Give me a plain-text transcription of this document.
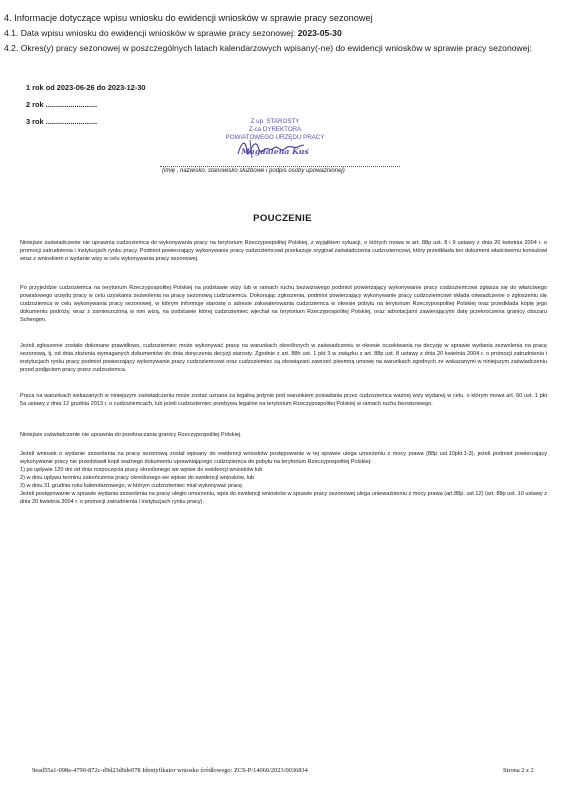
4. Informacje dotyczące wpisu wniosku do ewidencji wniosków w sprawie pracy sezonowej
4.1. Data wpisu wniosku do ewidencji wniosków w sprawie pracy sezonowej: 2023-05-30
4.2. Okres(y) pracy sezonowej w poszczególnych latach kalendarzowych wpisany(-ne) do ewidencji wniosków w sprawie pracy sezonowej:
1 rok od 2023-06-26 do 2023-12-30
2 rok .........................
3 rok .........................	Z up. STAROSTY
Z-ca DYREKTORA
POWIATOWEGO URZĘDU PRACY
Magdalena Kuś
(imię , nazwisko, stanowisko służbowe i podpis osoby upoważnionej)
POUCZENIE

Niniejsze zaświadczenie nie uprawnia cudzoziemca do wykonywania pracy na terytorium Rzeczypospolitej Polskiej, z wyjątkiem sytuacji, o których mowa w art. 88p ust. 8 i 9 ustawy z dnia 20 kwietnia 2004 r. o promocji zatrudnienia i instytucjach rynku pracy. Podmiot powierzający wykonywanie pracy cudzoziemcowi przekazuje oryginał zaświadczenia cudzoziemcowi, który przedkłada ten dokument właściwemu konsulowi wraz z wnioskiem o wydanie wizy w celu wykonywania pracy sezonowej.

Po przyjeździe cudzoziemca na terytorium Rzeczypospolitej Polskiej na podstawie wizy lub w ramach ruchu bezwizowego podmiot powierzający wykonywanie pracy cudzoziemcowi zgłasza się do właściwego powiatowego urzędu pracy w celu uzyskania zezwolenia na pracę sezonową cudzoziemca. Dokonując zgłoszenia, podmiot powierzający wykonywanie pracy cudzoziemcowi składa oświadczenie o zgłoszeniu się cudzoziemca w celu wykonywania pracy sezonowej, w którym informuje starostę o adresie zakwaterowania cudzoziemca w okresie pobytu na terytorium Rzeczypospolitej Polskiej oraz przedkłada kopię jego dokumentu podróży, wraz z zamieszczoną w nim wizą, na podstawie której cudzoziemiec wjechał na terytorium Rzeczypospolitej Polskiej, oraz adnotacjami zawierającymi datę przekroczenia granicy obszaru Schengen.

Jeżeli zgłoszenie zostało dokonane prawidłowo, cudzoziemiec może wykonywać pracę na warunkach określonych w zaświadczeniu w okresie oczekiwania na decyzję w sprawie wydania zezwolenia na pracę sezonową, tj. od dnia złożenia wymaganych dokumentów do dnia doręczenia decyzji starosty. Zgodnie z art. 88h ust. 1 pkt 3 w związku z art. 88p ust. 8 ustawy z dnia 20 kwietnia 2004 r. o promocji zatrudnienia i instytucjach rynku pracy podmiot powierzający wykonywanie pracy cudzoziemcowi oraz cudzoziemiec są obowiązani zawrzeć pisemną umowę na warunkach zgodnych ze wskazanymi w niniejszym zaświadczeniu przed podjęciem pracy przez cudzoziemca.

Praca na warunkach wskazanych w niniejszym zaświadczeniu może zostać uznana za legalną jedynie pod warunkiem posiadania przez cudzoziemca ważnej wizy wydanej w celu, o którym mowa art. 60 ust. 1 pkt 5a ustawy z dnia 12 grudnia 2013 r. o cudzoziemcach, lub jeżeli cudzoziemiec przebywa legalnie na terytorium Rzeczypospolitej Polskiej w ramach ruchu bezwizowego.

Niniejsze zaświadczenie nie uprawnia do przekraczania granicy Rzeczypospolitej Polskiej.

Jeżeli wniosek o wydanie zezwolenia na pracę sezonową został wpisany do ewidencji wniosków postępowanie w tej sprawie ulega umorzeniu z mocy prawa (88p ust.10pkt.1-3), jeżeli podmiot powierzający wykonywanie pracy nie przedstawił kopii ważnego dokumentu uprawniającego cudzoziemca do pobytu na terytorium Rzeczypospolitej Polskiej:
1) po upływie 120 dni od dnia rozpoczęcia pracy określonego we wpisie do ewidencji wniosków lub
2) w dniu upływu terminu zakończenia pracy określonego we wpisie do ewidencji wniosków, lub
3) w dniu 31 grudnia roku kalendarzowego, w którym cudzoziemiec miał wykonywać pracę.
Jeżeli postępowanie w sprawie wydania zezwolenia na pracę uległo umorzeniu, wpis do ewidencji wniosków w sprawie pracy sezonowej ulega unieważnieniu z mocy prawa (art.88p. ust.12) (art. 88p ust. 10 ustawy z dnia 20 kwietnia 2004 r. o promocji zatrudnienia i instytucjach rynku pracy).
9ead55a1-098e-4790-872c-d9d23d6de078 Identyfikator wniosku źródłowego: ZCS-P/14060/2023/0036834	Strona 2 z 2
